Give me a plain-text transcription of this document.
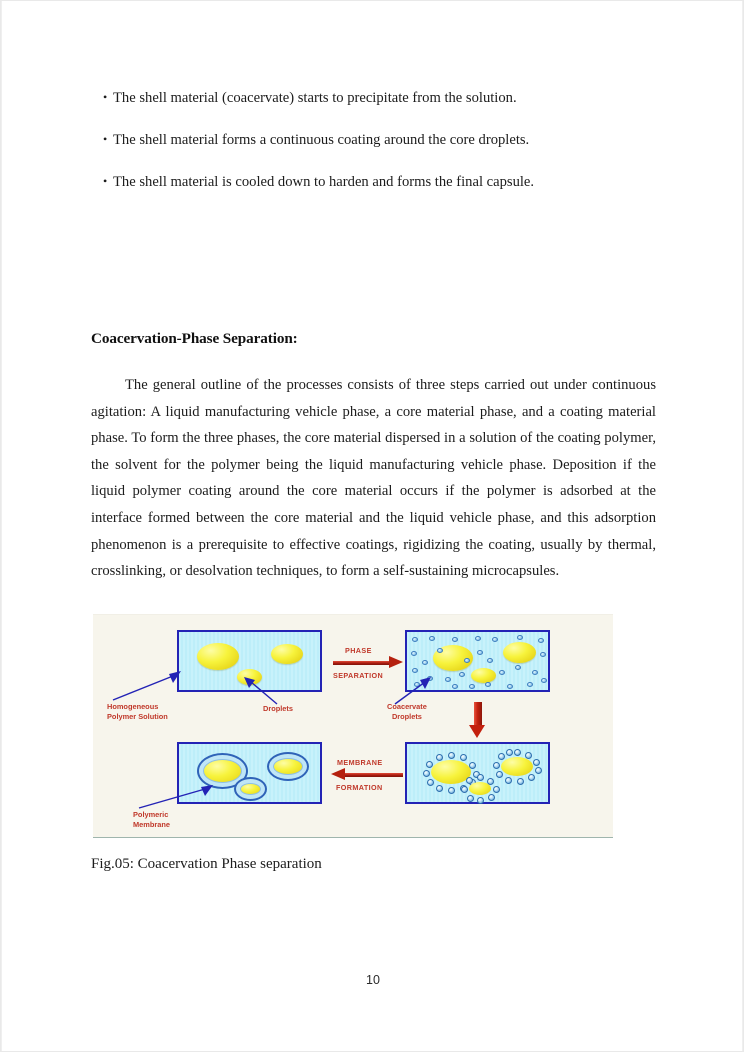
• The shell material (coacervate) starts to precipitate from the solution.
• The shell material forms a continuous coating around the core droplets.
• The shell material is cooled down to harden and forms the final capsule.
Coacervation-Phase Separation:
The general outline of the processes consists of three steps carried out under continuous agitation: A liquid manufacturing vehicle phase, a core material phase, and a coating material phase. To form the three phases, the core material dispersed in a solution of the coating polymer, the solvent for the polymer being the liquid manufacturing vehicle phase. Deposition if the liquid polymer coating around the core material occurs if the polymer is adsorbed at the interface formed between the core material and the liquid vehicle phase, and this adsorption phenomenon is a prerequisite to effective coatings, rigidizing the coating, usually by thermal, crosslinking, or desolvation techniques, to form a self-sustaining microcapsules.
Homogeneous
Polymer Solution
Droplets
PHASE
SEPARATION
Coacervate
Droplets
MEMBRANE
FORMATION
Polymeric
Membrane
Fig.05: Coacervation Phase separation
10
